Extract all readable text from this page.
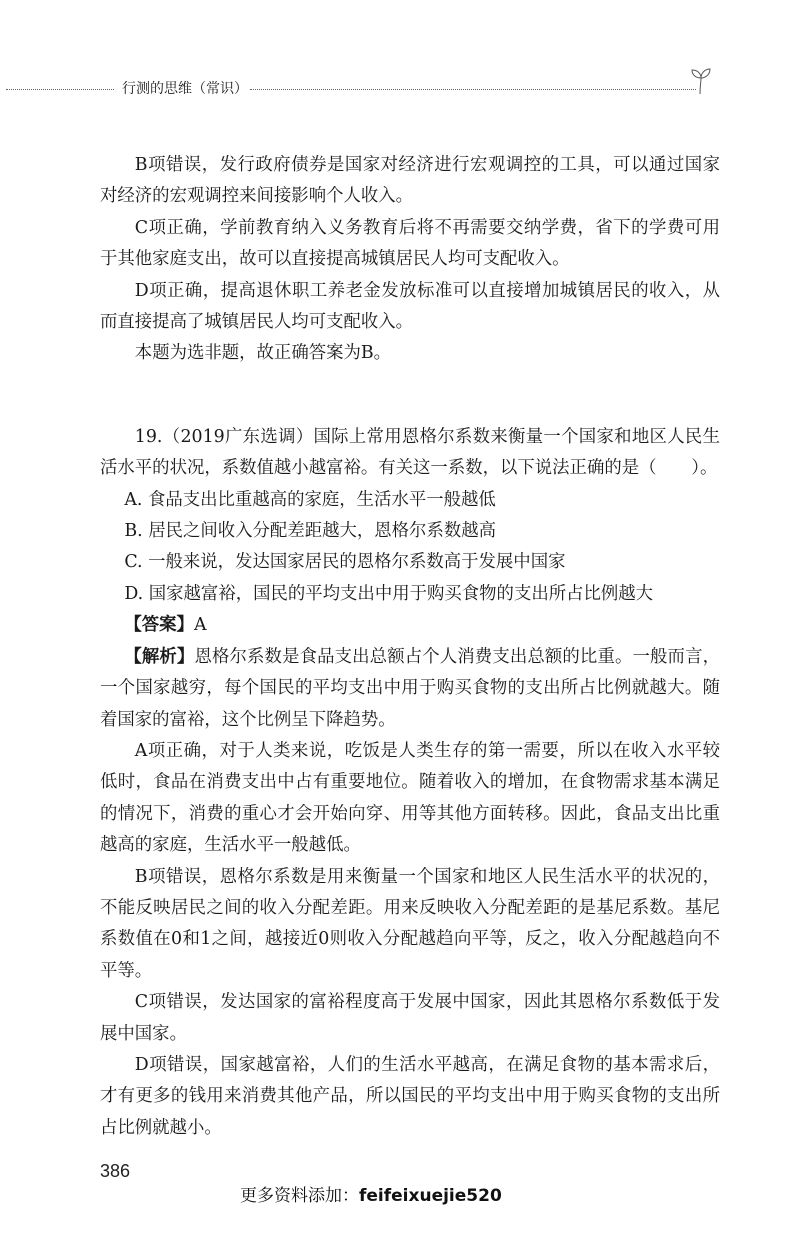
行测的思维（常识）

B项错误，发行政府债券是国家对经济进行宏观调控的工具，可以通过国家对经济的宏观调控来间接影响个人收入。

C项正确，学前教育纳入义务教育后将不再需要交纳学费，省下的学费可用于其他家庭支出，故可以直接提高城镇居民人均可支配收入。

D项正确，提高退休职工养老金发放标准可以直接增加城镇居民的收入，从而直接提高了城镇居民人均可支配收入。

本题为选非题，故正确答案为B。

19.（2019广东选调）国际上常用恩格尔系数来衡量一个国家和地区人民生活水平的状况，系数值越小越富裕。有关这一系数，以下说法正确的是（　　）。

A. 食品支出比重越高的家庭，生活水平一般越低

B. 居民之间收入分配差距越大，恩格尔系数越高

C. 一般来说，发达国家居民的恩格尔系数高于发展中国家

D. 国家越富裕，国民的平均支出中用于购买食物的支出所占比例越大

【答案】A

【解析】恩格尔系数是食品支出总额占个人消费支出总额的比重。一般而言，一个国家越穷，每个国民的平均支出中用于购买食物的支出所占比例就越大。随着国家的富裕，这个比例呈下降趋势。

A项正确，对于人类来说，吃饭是人类生存的第一需要，所以在收入水平较低时，食品在消费支出中占有重要地位。随着收入的增加，在食物需求基本满足的情况下，消费的重心才会开始向穿、用等其他方面转移。因此，食品支出比重越高的家庭，生活水平一般越低。

B项错误，恩格尔系数是用来衡量一个国家和地区人民生活水平的状况的，不能反映居民之间的收入分配差距。用来反映收入分配差距的是基尼系数。基尼系数值在0和1之间，越接近0则收入分配越趋向平等，反之，收入分配越趋向不平等。

C项错误，发达国家的富裕程度高于发展中国家，因此其恩格尔系数低于发展中国家。

D项错误，国家越富裕，人们的生活水平越高，在满足食物的基本需求后，才有更多的钱用来消费其他产品，所以国民的平均支出中用于购买食物的支出所占比例就越小。

386
更多资料添加：feifeixuejie520
